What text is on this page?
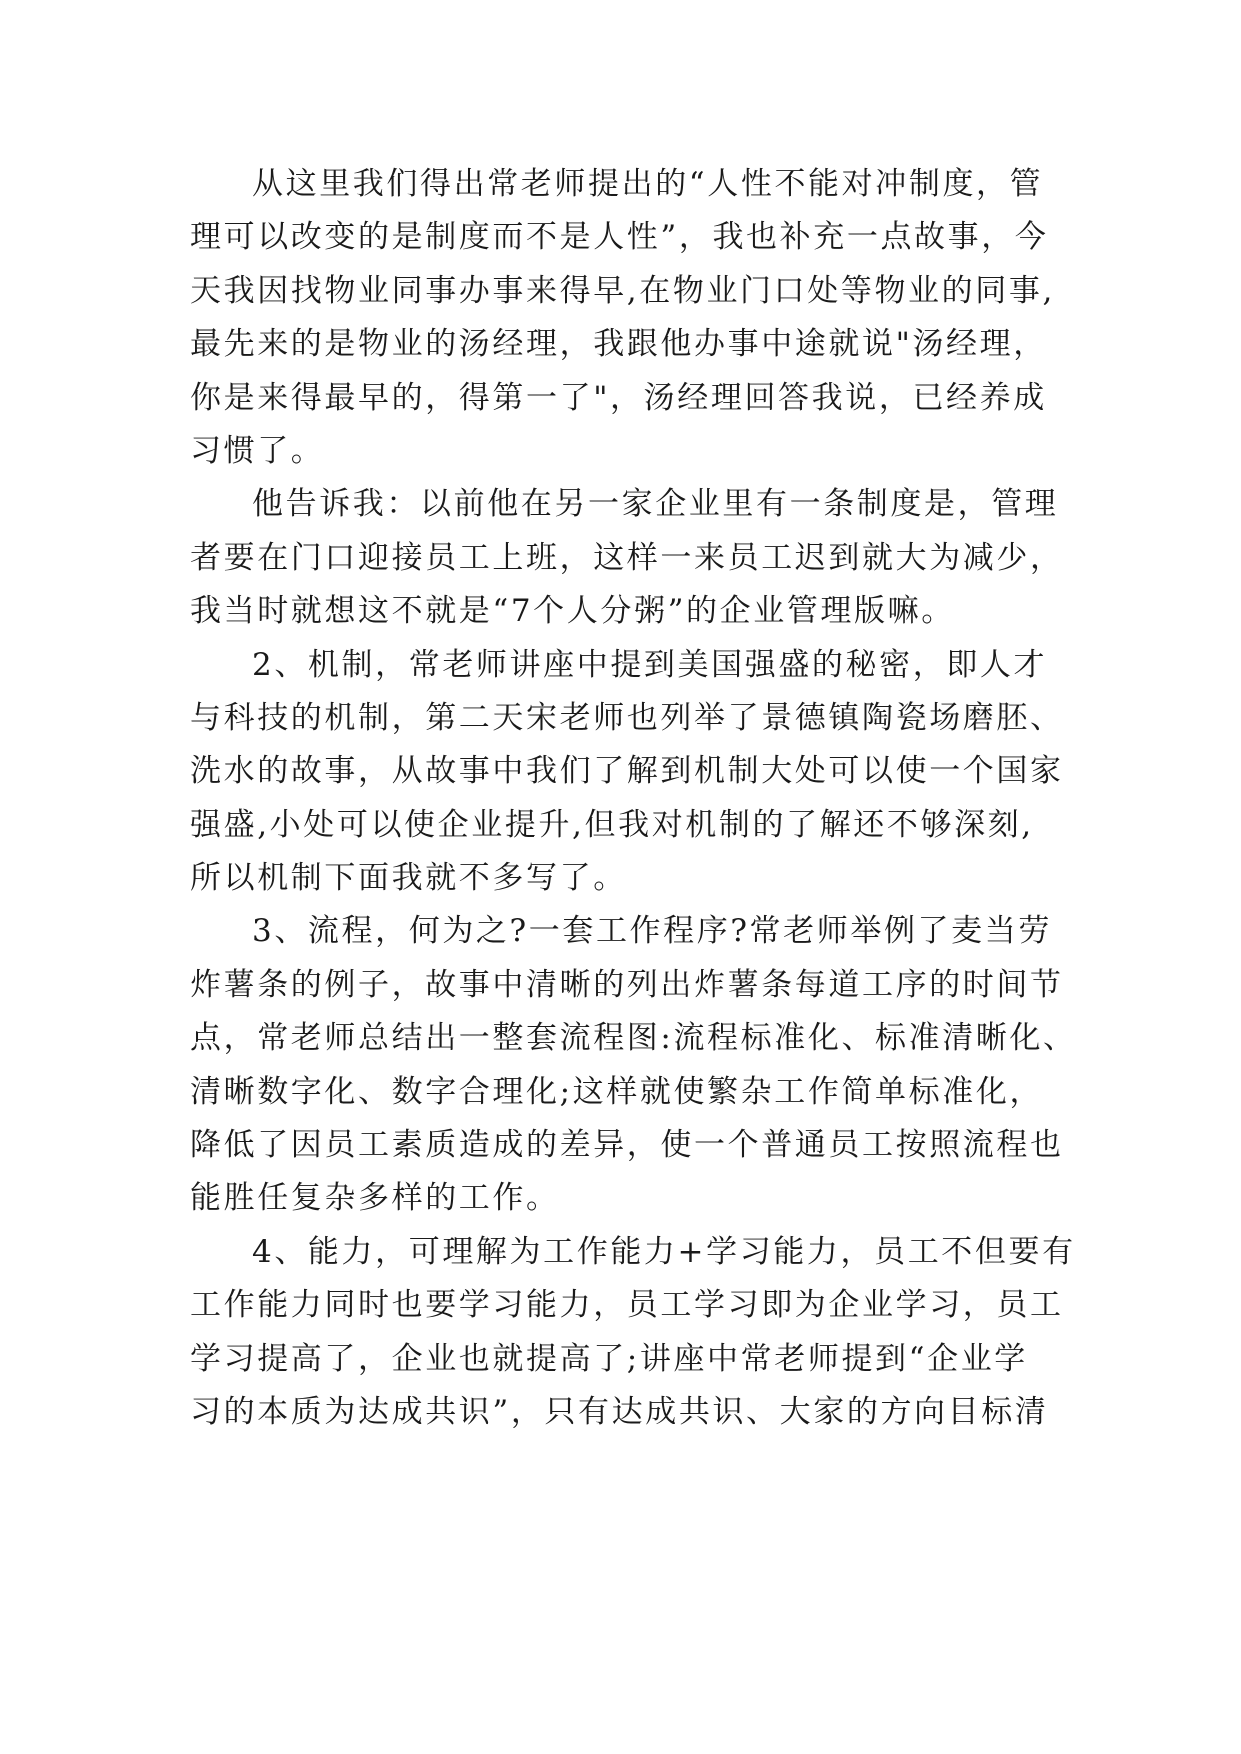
从这里我们得出常老师提出的“人性不能对冲制度，管
理可以改变的是制度而不是人性”，我也补充一点故事，今
天我因找物业同事办事来得早,在物业门口处等物业的同事,
最先来的是物业的汤经理，我跟他办事中途就说"汤经理，
你是来得最早的，得第一了"，汤经理回答我说，已经养成
习惯了。
他告诉我：以前他在另一家企业里有一条制度是，管理
者要在门口迎接员工上班，这样一来员工迟到就大为减少，
我当时就想这不就是“7个人分粥”的企业管理版嘛。
2、机制，常老师讲座中提到美国强盛的秘密，即人才
与科技的机制，第二天宋老师也列举了景德镇陶瓷场磨胚、
洗水的故事，从故事中我们了解到机制大处可以使一个国家
强盛,小处可以使企业提升,但我对机制的了解还不够深刻,
所以机制下面我就不多写了。
3、流程，何为之?一套工作程序?常老师举例了麦当劳
炸薯条的例子，故事中清晰的列出炸薯条每道工序的时间节
点，常老师总结出一整套流程图:流程标准化、标准清晰化、
清晰数字化、数字合理化;这样就使繁杂工作简单标准化，
降低了因员工素质造成的差异，使一个普通员工按照流程也
能胜任复杂多样的工作。
4、能力，可理解为工作能力+学习能力，员工不但要有
工作能力同时也要学习能力，员工学习即为企业学习，员工
学习提高了，企业也就提高了;讲座中常老师提到“企业学
习的本质为达成共识”，只有达成共识、大家的方向目标清
